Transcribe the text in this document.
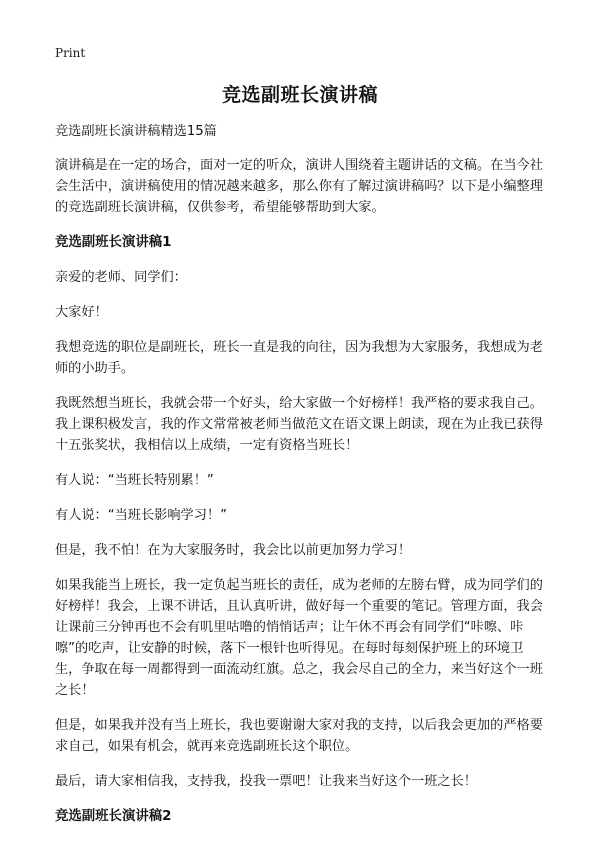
Print
竞选副班长演讲稿

竞选副班长演讲稿精选15篇

演讲稿是在一定的场合，面对一定的听众，演讲人围绕着主题讲话的文稿。在当今社会生活中，演讲稿使用的情况越来越多，那么你有了解过演讲稿吗？以下是小编整理的竞选副班长演讲稿，仅供参考，希望能够帮助到大家。

竞选副班长演讲稿1

亲爱的老师、同学们：

大家好！

我想竞选的职位是副班长，班长一直是我的向往，因为我想为大家服务，我想成为老师的小助手。

我既然想当班长，我就会带一个好头，给大家做一个好榜样！我严格的要求我自己。我上课积极发言，我的作文常常被老师当做范文在语文课上朗读，现在为止我已获得十五张奖状，我相信以上成绩，一定有资格当班长！

有人说：“当班长特别累！”

有人说：“当班长影响学习！”

但是，我不怕！在为大家服务时，我会比以前更加努力学习！

如果我能当上班长，我一定负起当班长的责任，成为老师的左膀右臂，成为同学们的好榜样！我会，上课不讲话，且认真听讲，做好每一个重要的笔记。管理方面，我会让课前三分钟再也不会有叽里咕噜的悄悄话声；让午休不再会有同学们“咔嚓、咔嚓”的吃声，让安静的时候，落下一根针也听得见。在每时每刻保护班上的环境卫生，争取在每一周都得到一面流动红旗。总之，我会尽自己的全力，来当好这个一班之长！

但是，如果我并没有当上班长，我也要谢谢大家对我的支持，以后我会更加的严格要求自己，如果有机会，就再来竞选副班长这个职位。

最后，请大家相信我，支持我，投我一票吧！让我来当好这个一班之长！

竞选副班长演讲稿2
